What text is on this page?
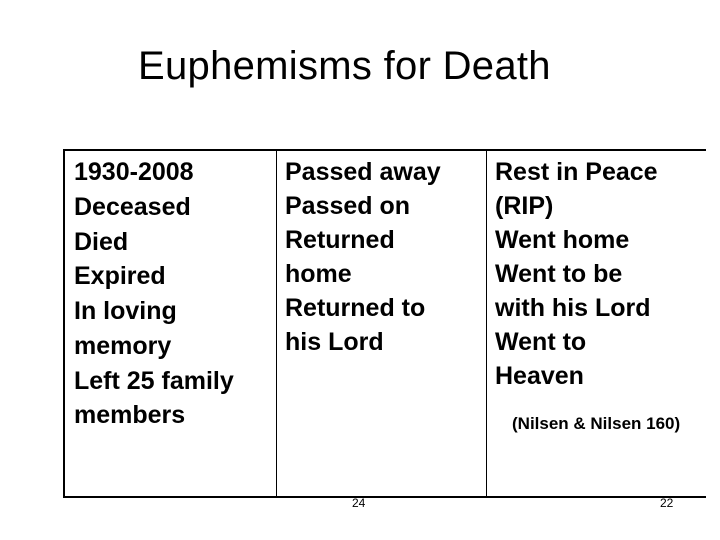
Euphemisms for Death
1930-2008
Deceased
Died
Expired
In loving
memory
Left 25 family
members
Passed away
Passed on
Returned
home
Returned to
his Lord
Rest in Peace
(RIP)
Went home
Went to be
with his Lord
Went to
Heaven
(Nilsen & Nilsen 160)
24	22
